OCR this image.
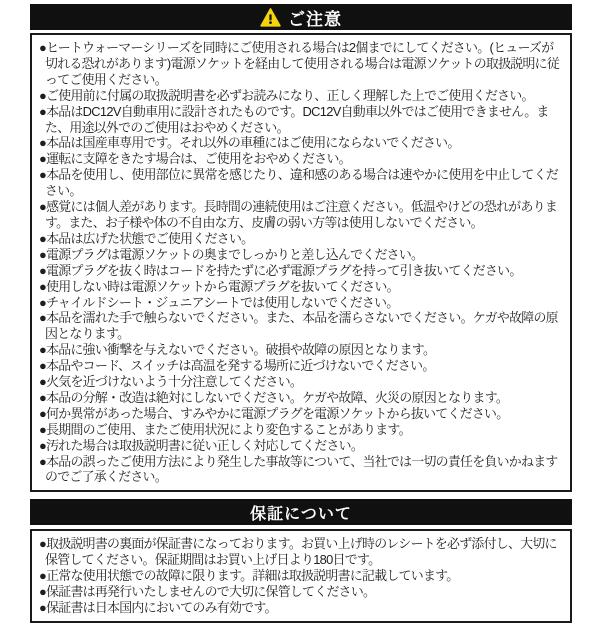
ご注意
●ヒートウォーマーシリーズを同時にご使用される場合は2個までにしてください。(ヒューズが切れる恐れがあります)電源ソケットを経由して使用される場合は電源ソケットの取扱説明に従ってご使用ください。
●ご使用前に付属の取扱説明書を必ずお読みになり、正しく理解した上でご使用ください。
●本品はDC12V自動車用に設計されたものです。DC12V自動車以外ではご使用できません。また、用途以外でのご使用はおやめください。
●本品は国産車専用です。それ以外の車種にはご使用にならないでください。
●運転に支障をきたす場合は、ご使用をおやめください。
●本品を使用し、使用部位に異常を感じたり、違和感のある場合は速やかに使用を中止してください。
●感覚には個人差があります。長時間の連続使用はご注意ください。低温やけどの恐れがあります。また、お子様や体の不自由な方、皮膚の弱い方等は使用しないでください。
●本品は広げた状態でご使用ください。
●電源プラグは電源ソケットの奥までしっかりと差し込んでください。
●電源プラグを抜く時はコードを持たずに必ず電源プラグを持って引き抜いてください。
●使用しない時は電源ソケットから電源プラグを抜いてください。
●チャイルドシート・ジュニアシートでは使用しないでください。
●本品を濡れた手で触らないでください。また、本品を濡らさないでください。ケガや故障の原因となります。
●本品に強い衝撃を与えないでください。破損や故障の原因となります。
●本品やコード、スイッチは高温を発する場所に近づけないでください。
●火気を近づけないよう十分注意してください。
●本品の分解・改造は絶対にしないでください。ケガや故障、火災の原因となります。
●何か異常があった場合、すみやかに電源プラグを電源ソケットから抜いてください。
●長期間のご使用、またご使用状況により変色することがあります。
●汚れた場合は取扱説明書に従い正しく対応してください。
●本品の誤ったご使用方法により発生した事故等について、当社では一切の責任を負いかねますのでご了承ください。
保証について
●取扱説明書の裏面が保証書になっております。お買い上げ時のレシートを必ず添付し、大切に保管してください。保証期間はお買い上げ日より180日です。
●正常な使用状態での故障に限ります。詳細は取扱説明書に記載しています。
●保証書は再発行いたしませんので大切に保管してください。
●保証書は日本国内においてのみ有効です。
